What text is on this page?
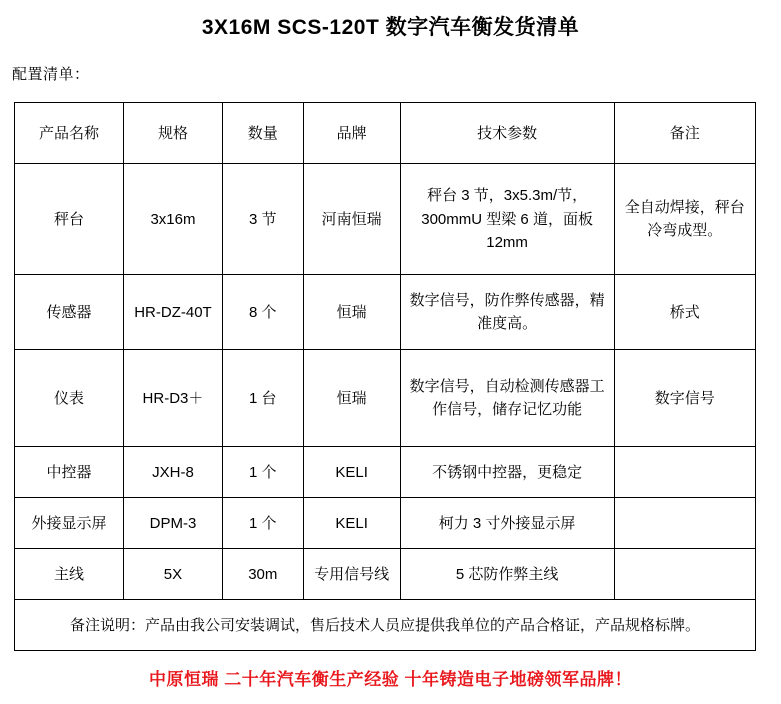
3X16M SCS-120T 数字汽车衡发货清单
配置清单：
产品名称	规格	数量	品牌	技术参数	备注
秤台	3x16m	3 节	河南恒瑞	秤台 3 节，3x5.3m/节，300mmU 型梁 6 道，面板12mm	全自动焊接，秤台冷弯成型。
传感器	HR-DZ-40T	8 个	恒瑞	数字信号，防作弊传感器，精准度高。	桥式
仪表	HR-D3＋	1 台	恒瑞	数字信号，自动检测传感器工作信号，储存记忆功能	数字信号
中控器	JXH-8	1 个	KELI	不锈钢中控器，更稳定	
外接显示屏	DPM-3	1 个	KELI	柯力 3 寸外接显示屏	
主线	5X	30m	专用信号线	5 芯防作弊主线	
备注说明：产品由我公司安装调试，售后技术人员应提供我单位的产品合格证，产品规格标牌。					
中原恒瑞 二十年汽车衡生产经验 十年铸造电子地磅领军品牌！
